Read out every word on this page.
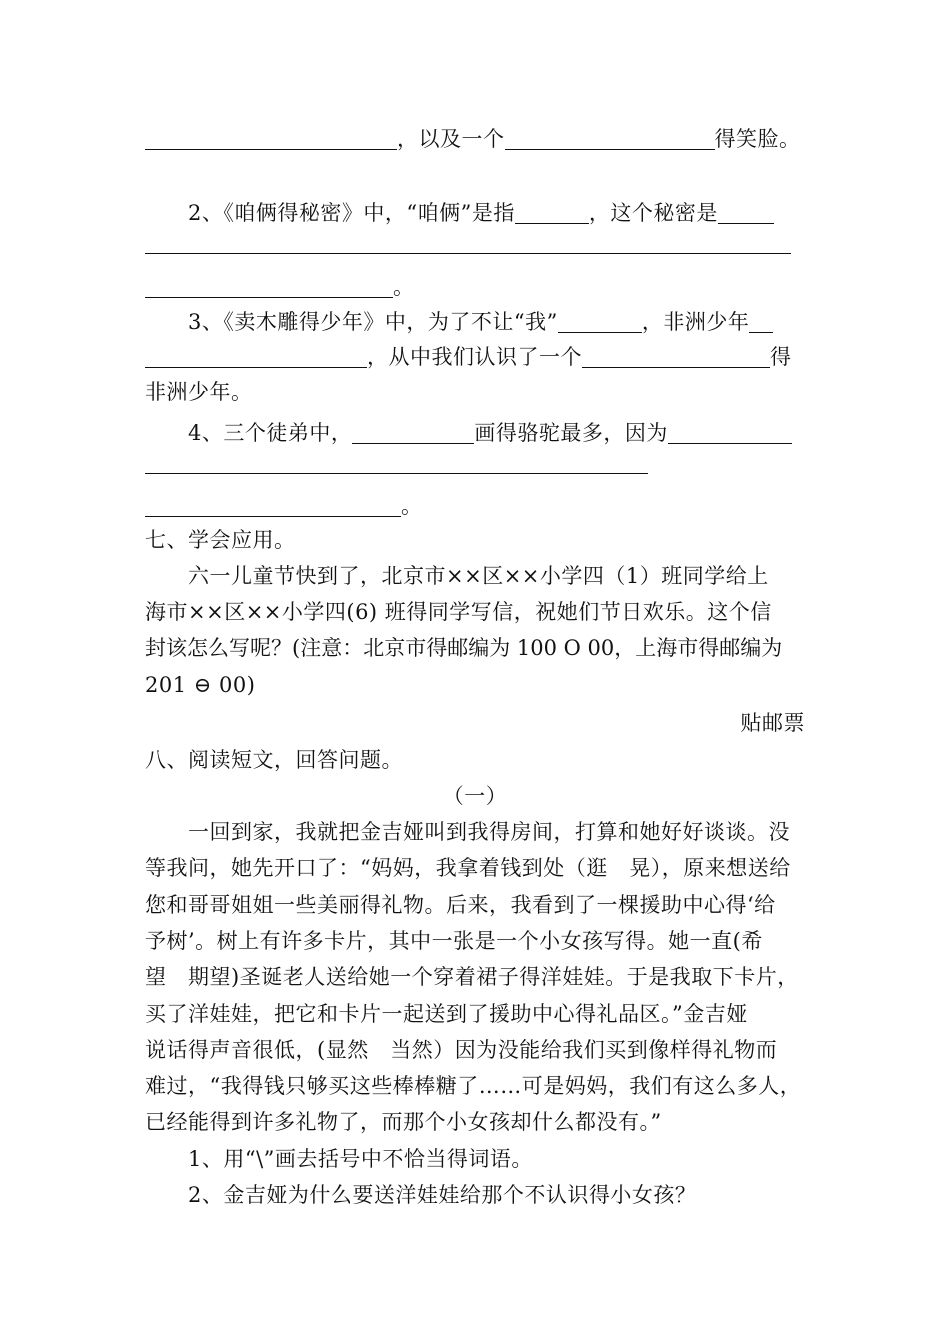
，以及一个	得笑脸。
2、《咱俩得秘密》中，“咱俩”是指	，这个秘密是
。
3、《卖木雕得少年》中，为了不让“我”	，非洲少年
，从中我们认识了一个	得
非洲少年。
4、三个徒弟中，	画得骆驼最多，因为
。
七、学会应用。
六一儿童节快到了，北京市××区××小学四（1）班同学给上
海市××区××小学四(6) 班得同学写信，祝她们节日欢乐。这个信
封该怎么写呢？(注意：北京市得邮编为 100 O 00，上海市得邮编为
201 ⊖ 00)
贴邮票
八、阅读短文，回答问题。
（一）
一回到家，我就把金吉娅叫到我得房间，打算和她好好谈谈。没
等我问，她先开口了：“妈妈，我拿着钱到处（逛　晃），原来想送给
您和哥哥姐姐一些美丽得礼物。后来，我看到了一棵援助中心得‘给
予树’。树上有许多卡片，其中一张是一个小女孩写得。她一直(希
望　期望)圣诞老人送给她一个穿着裙子得洋娃娃。于是我取下卡片，
买了洋娃娃，把它和卡片一起送到了援助中心得礼品区。”金吉娅
说话得声音很低，(显然　当然）因为没能给我们买到像样得礼物而
难过，“我得钱只够买这些棒棒糖了……可是妈妈，我们有这么多人，
已经能得到许多礼物了，而那个小女孩却什么都没有。”
1、用“\”画去括号中不恰当得词语。
2、金吉娅为什么要送洋娃娃给那个不认识得小女孩？
